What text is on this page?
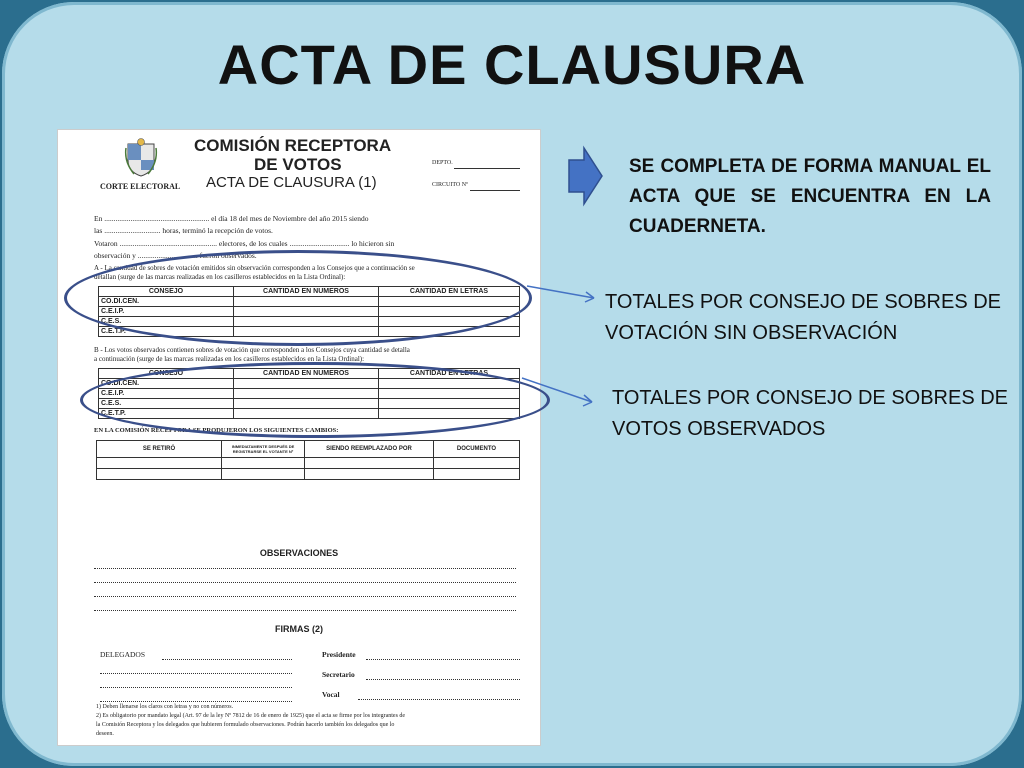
ACTA DE CLAUSURA
CORTE ELECTORAL
COMISIÓN RECEPTORA
DE VOTOS
ACTA DE CLAUSURA (1)
DEPTO.
CIRCUITO Nº
En ........................................................ el día 18 del mes de Noviembre del año 2015 siendo
las .............................. horas, terminó la recepción de votos.
Votaron .................................................... electores, de los cuales ................................ lo hicieron sin
observación y ................................ fueron observados.
A - La cantidad de sobres de votación emitidos sin observación corresponden a los Consejos que a continuación se
detallan (surge de las marcas realizadas en los casilleros establecidos en la Lista Ordinal):
CONSEJO	CANTIDAD EN NUMEROS	CANTIDAD EN LETRAS
CO.DI.CEN.		
C.E.I.P.		
C.E.S.		
C.E.T.P.		
B - Los votos observados contienen sobres de votación que corresponden a los Consejos cuya cantidad se detalla
a continuación (surge de las marcas realizadas en los casilleros establecidos en la Lista Ordinal):
CONSEJO	CANTIDAD EN NUMEROS	CANTIDAD EN LETRAS
CO.DI.CEN.		
C.E.I.P.		
C.E.S.		
C.E.T.P.		
EN LA COMISIÓN RECEPTORA SE PRODUJERON LOS SIGUIENTES CAMBIOS:
SE RETIRÓ	INMEDIATAMENTE DESPUÉS DE REGISTRARSE EL VOTANTE Nº	SIENDO REEMPLAZADO POR	DOCUMENTO

OBSERVACIONES
FIRMAS (2)
DELEGADOS	Presidente
Secretario
Vocal
1) Deben llenarse los claros con letras y no con números.
2) Es obligatorio por mandato legal (Art. 97 de la ley Nº 7812 de 16 de enero de 1925) que el acta se firme por los integrantes de
la Comisión Receptora y los delegados que hubieren formulado observaciones. Podrán hacerlo también los delegados que lo
deseen.
SE COMPLETA DE FORMA MANUAL EL ACTA QUE SE ENCUENTRA EN LA CUADERNETA.
TOTALES POR CONSEJO DE SOBRES DE VOTACIÓN SIN OBSERVACIÓN
TOTALES POR CONSEJO DE SOBRES DE VOTOS OBSERVADOS
